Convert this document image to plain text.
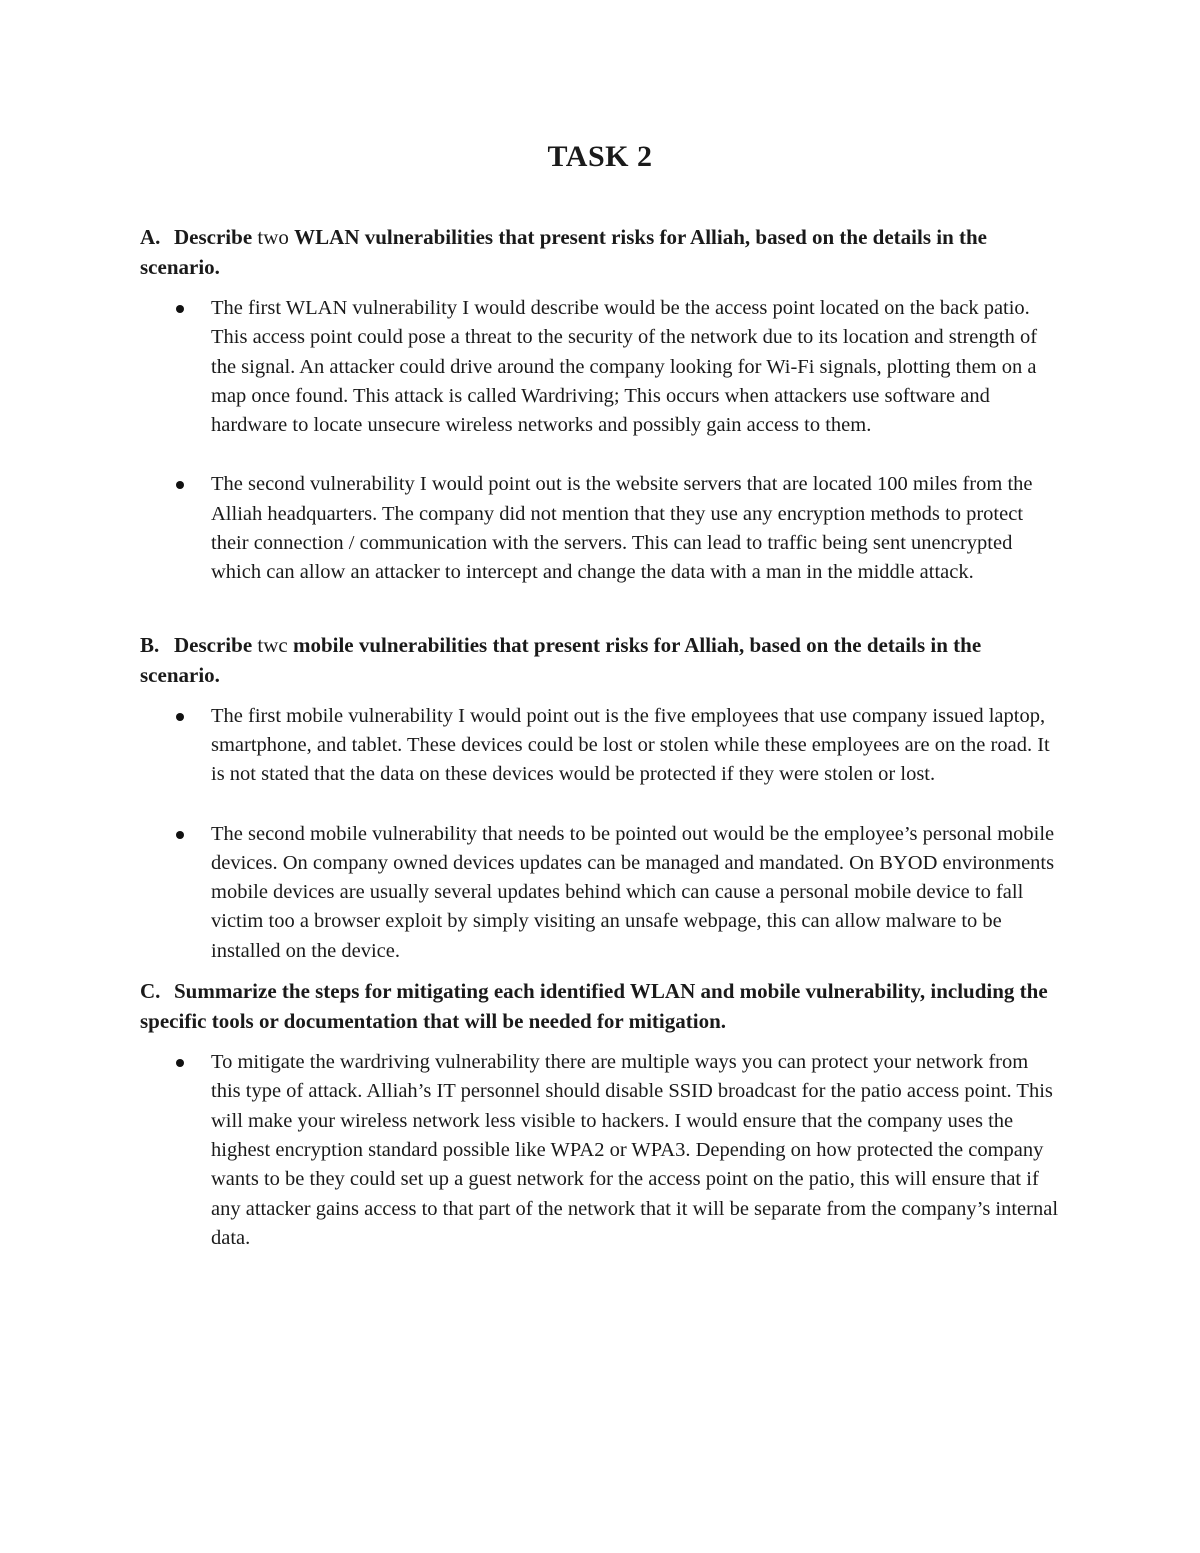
TASK 2

A. Describe two WLAN vulnerabilities that present risks for Alliah, based on the details in the scenario.

The first WLAN vulnerability I would describe would be the access point located on the back patio. This access point could pose a threat to the security of the network due to its location and strength of the signal. An attacker could drive around the company looking for Wi-Fi signals, plotting them on a map once found. This attack is called Wardriving; This occurs when attackers use software and hardware to locate unsecure wireless networks and possibly gain access to them.
The second vulnerability I would point out is the website servers that are located 100 miles from the Alliah headquarters. The company did not mention that they use any encryption methods to protect their connection / communication with the servers. This can lead to traffic being sent unencrypted which can allow an attacker to intercept and change the data with a man in the middle attack.

B. Describe twc mobile vulnerabilities that present risks for Alliah, based on the details in the scenario.

The first mobile vulnerability I would point out is the five employees that use company issued laptop, smartphone, and tablet. These devices could be lost or stolen while these employees are on the road. It is not stated that the data on these devices would be protected if they were stolen or lost.
The second mobile vulnerability that needs to be pointed out would be the employee’s personal mobile devices. On company owned devices updates can be managed and mandated. On BYOD environments mobile devices are usually several updates behind which can cause a personal mobile device to fall victim too a browser exploit by simply visiting an unsafe webpage, this can allow malware to be installed on the device.

C. Summarize the steps for mitigating each identified WLAN and mobile vulnerability, including the specific tools or documentation that will be needed for mitigation.

To mitigate the wardriving vulnerability there are multiple ways you can protect your network from this type of attack. Alliah’s IT personnel should disable SSID broadcast for the patio access point. This will make your wireless network less visible to hackers. I would ensure that the company uses the highest encryption standard possible like WPA2 or WPA3. Depending on how protected the company wants to be they could set up a guest network for the access point on the patio, this will ensure that if any attacker gains access to that part of the network that it will be separate from the company’s internal data.
